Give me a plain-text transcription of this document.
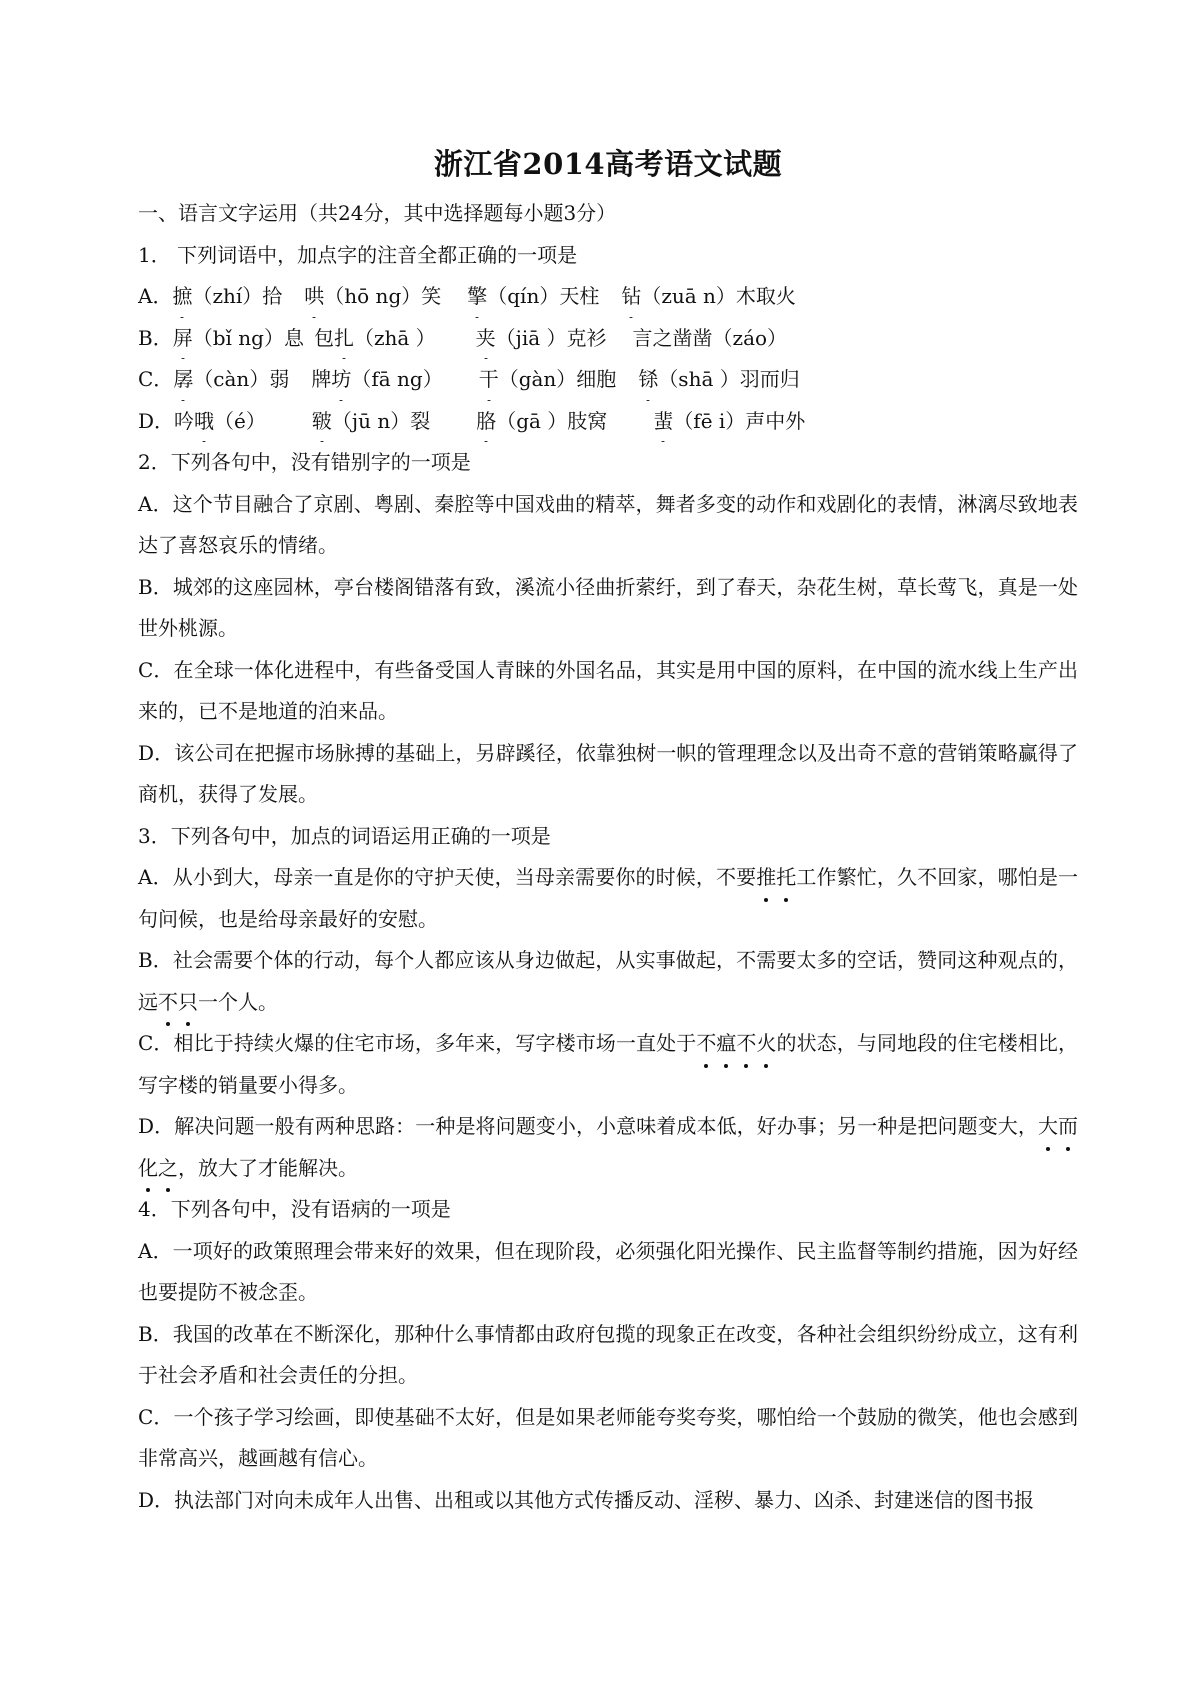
浙江省2014高考语文试题
一、语言文字运用（共24分，其中选择题每小题3分）
1． 下列词语中，加点字的注音全都正确的一项是
A．摭（zhí）拾 哄（hō ng）笑 擎（qín）天柱 钻（zuā n）木取火
B．屏（bǐ ng）息 包扎（zhā ） 夹（jiā ）克衫 言之凿凿（záo）
C．孱（càn）弱 牌坊（fā ng） 干（gàn）细胞 铩（shā ）羽而归
D．吟哦（é） 皲（jū n）裂 胳（gā ）肢窝 蜚（fē i）声中外
2．下列各句中，没有错别字的一项是
A．这个节目融合了京剧、粤剧、秦腔等中国戏曲的精萃，舞者多变的动作和戏剧化的表情，淋漓尽致地表达了喜怒哀乐的情绪。
B．城郊的这座园林，亭台楼阁错落有致，溪流小径曲折萦纡，到了春天，杂花生树，草长莺飞，真是一处世外桃源。
C．在全球一体化进程中，有些备受国人青睐的外国名品，其实是用中国的原料，在中国的流水线上生产出来的，已不是地道的泊来品。
D．该公司在把握市场脉搏的基础上，另辟蹊径，依靠独树一帜的管理理念以及出奇不意的营销策略赢得了商机，获得了发展。
3．下列各句中，加点的词语运用正确的一项是
A．从小到大，母亲一直是你的守护天使，当母亲需要你的时候，不要推托工作繁忙，久不回家，哪怕是一句问候，也是给母亲最好的安慰。
B．社会需要个体的行动，每个人都应该从身边做起，从实事做起，不需要太多的空话，赞同这种观点的，远不只一个人。
C．相比于持续火爆的住宅市场，多年来，写字楼市场一直处于不瘟不火的状态，与同地段的住宅楼相比，写字楼的销量要小得多。
D．解决问题一般有两种思路：一种是将问题变小，小意味着成本低，好办事；另一种是把问题变大，大而化之，放大了才能解决。
4．下列各句中，没有语病的一项是
A．一项好的政策照理会带来好的效果，但在现阶段，必须强化阳光操作、民主监督等制约措施，因为好经也要提防不被念歪。
B．我国的改革在不断深化，那种什么事情都由政府包揽的现象正在改变，各种社会组织纷纷成立，这有利于社会矛盾和社会责任的分担。
C．一个孩子学习绘画，即使基础不太好，但是如果老师能夸奖夸奖，哪怕给一个鼓励的微笑，他也会感到非常高兴，越画越有信心。
D．执法部门对向未成年人出售、出租或以其他方式传播反动、淫秽、暴力、凶杀、封建迷信的图书报
